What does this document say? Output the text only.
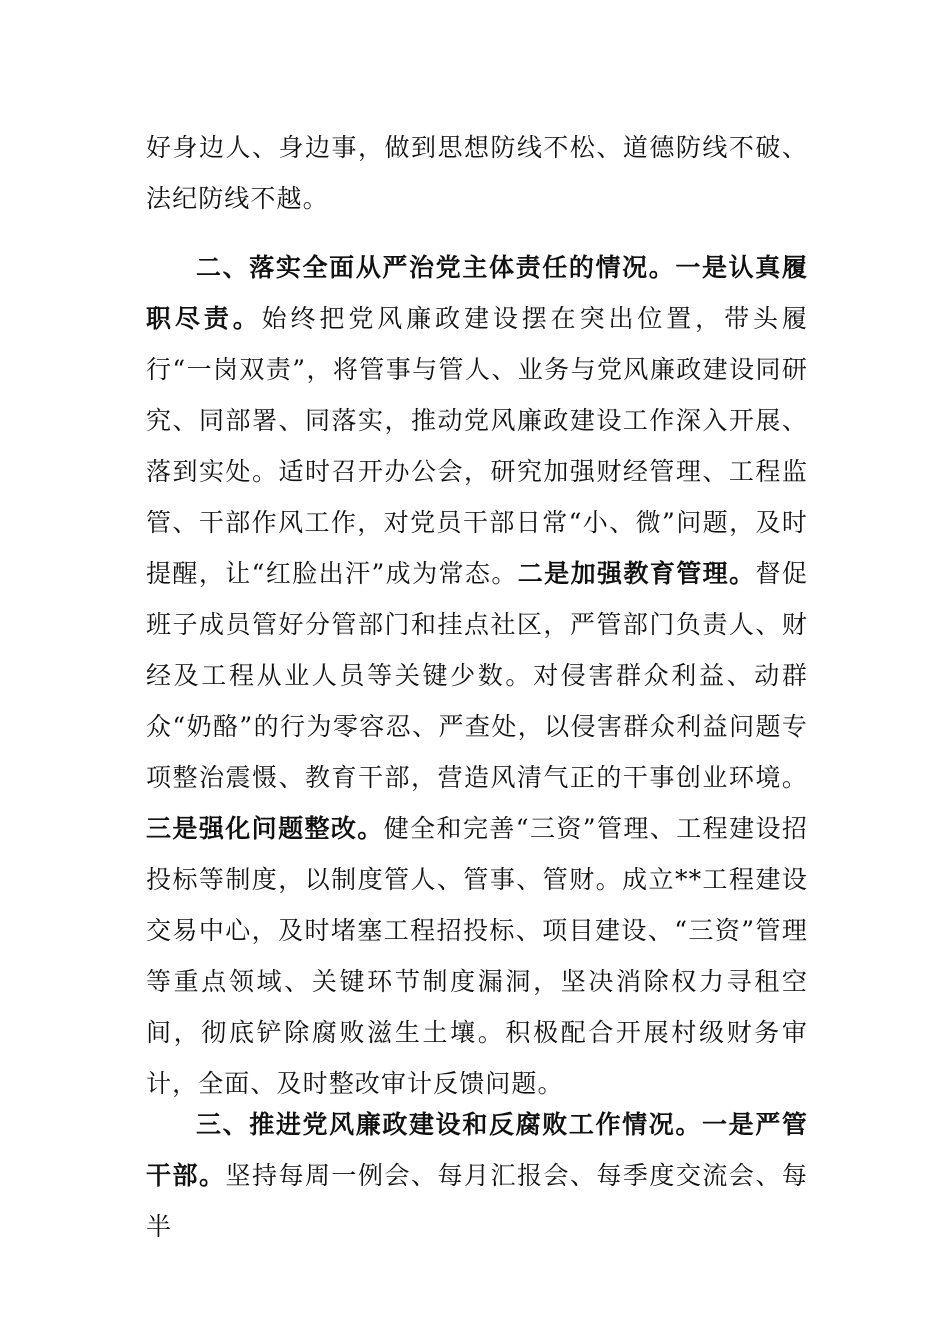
好身边人、身边事，做到思想防线不松、道德防线不破、法纪防线不越。

二、落实全面从严治党主体责任的情况。一是认真履职尽责。始终把党风廉政建设摆在突出位置，带头履行“一岗双责”，将管事与管人、业务与党风廉政建设同研究、同部署、同落实，推动党风廉政建设工作深入开展、落到实处。适时召开办公会，研究加强财经管理、工程监管、干部作风工作，对党员干部日常“小、微”问题，及时提醒，让“红脸出汗”成为常态。二是加强教育管理。督促班子成员管好分管部门和挂点社区，严管部门负责人、财经及工程从业人员等关键少数。对侵害群众利益、动群众“奶酪”的行为零容忍、严查处，以侵害群众利益问题专项整治震慑、教育干部，营造风清气正的干事创业环境。三是强化问题整改。健全和完善“三资”管理、工程建设招投标等制度，以制度管人、管事、管财。成立**工程建设交易中心，及时堵塞工程招投标、项目建设、“三资”管理等重点领域、关键环节制度漏洞，坚决消除权力寻租空间，彻底铲除腐败滋生土壤。积极配合开展村级财务审计，全面、及时整改审计反馈问题。

三、推进党风廉政建设和反腐败工作情况。一是严管干部。坚持每周一例会、每月汇报会、每季度交流会、每半
